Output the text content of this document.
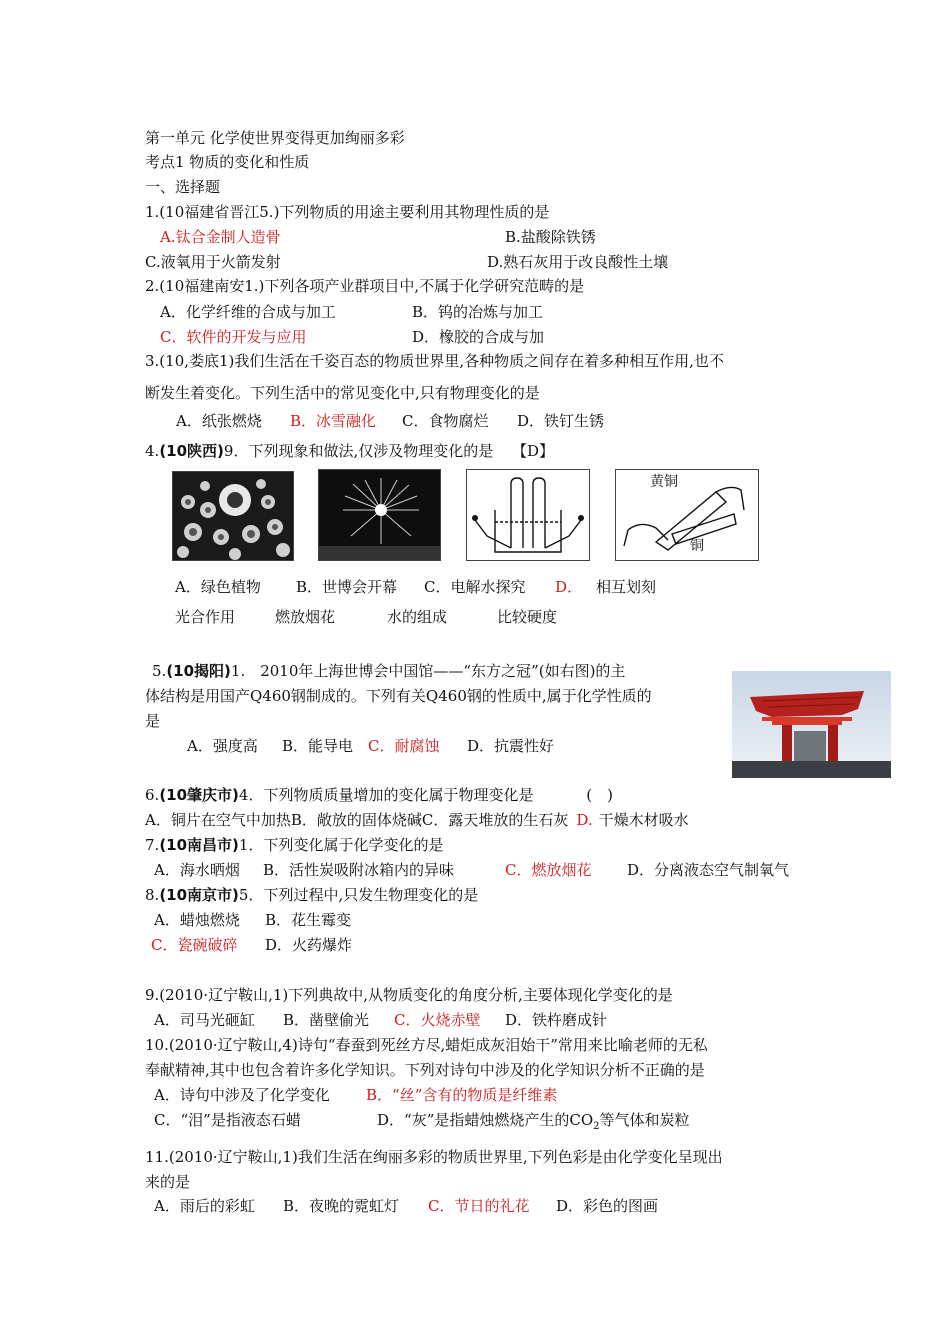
第一单元 化学使世界变得更加绚丽多彩
考点1 物质的变化和性质
一、选择题
1.(10福建省晋江5.)下列物质的用途主要利用其物理性质的是
A.钛合金制人造骨	B.盐酸除铁锈
C.液氧用于火箭发射	D.熟石灰用于改良酸性土壤
2.(10福建南安1.)下列各项产业群项目中,不属于化学研究范畴的是
A．化学纤维的合成与加工	B．钨的冶炼与加工
C．软件的开发与应用	D．橡胶的合成与加
3.(10,娄底1)我们生活在千姿百态的物质世界里,各种物质之间存在着多种相互作用,也不
断发生着变化。下列生活中的常见变化中,只有物理变化的是
A．纸张燃烧 B．冰雪融化 C．食物腐烂 D．铁钉生锈
4.(10陕西)9．下列现象和做法,仅涉及物理变化的是 【D】
黄铜
铜
A．绿色植物 B．世博会开幕 C．电解水探究 D． 相互划刻
光合作用	燃放烟花	水的组成	比较硬度
5.(10揭阳)1.　2010年上海世博会中国馆——“东方之冠”(如右图)的主
体结构是用国产Q460钢制成的。下列有关Q460钢的性质中,属于化学性质的
是
A．强度高 B．能导电 C．耐腐蚀 D．抗震性好
6.(10肇庆市)4．下列物质质量增加的变化属于物理变化是	(　)
A．铜片在空气中加热B．敞放的固体烧碱C．露天堆放的生石灰 D. 干燥木材吸水
7.(10南昌市)1．下列变化属于化学变化的是
A．海水晒烟 B．活性炭吸附冰箱内的异味	C．燃放烟花 D．分离液态空气制氧气
8.(10南京市)5．下列过程中,只发生物理变化的是
A．蜡烛燃烧 B．花生霉变
C．瓷碗破碎 D．火药爆炸
9.(2010·辽宁鞍山,1)下列典故中,从物质变化的角度分析,主要体现化学变化的是
A．司马光砸缸 B．凿壁偷光 C．火烧赤壁 D．铁杵磨成针
10.(2010·辽宁鞍山,4)诗句“春蚕到死丝方尽,蜡炬成灰泪始干”常用来比喻老师的无私
奉献精神,其中也包含着许多化学知识。下列对诗句中涉及的化学知识分析不正确的是
A．诗句中涉及了化学变化 B．“丝”含有的物质是纤维素
C．“泪”是指液态石蜡	D．“灰”是指蜡烛燃烧产生的$CO_2$等气体和炭粒
11.(2010·辽宁鞍山,1)我们生活在绚丽多彩的物质世界里,下列色彩是由化学变化呈现出
来的是
A．雨后的彩虹 B．夜晚的霓虹灯 C．节日的礼花 D．彩色的图画
